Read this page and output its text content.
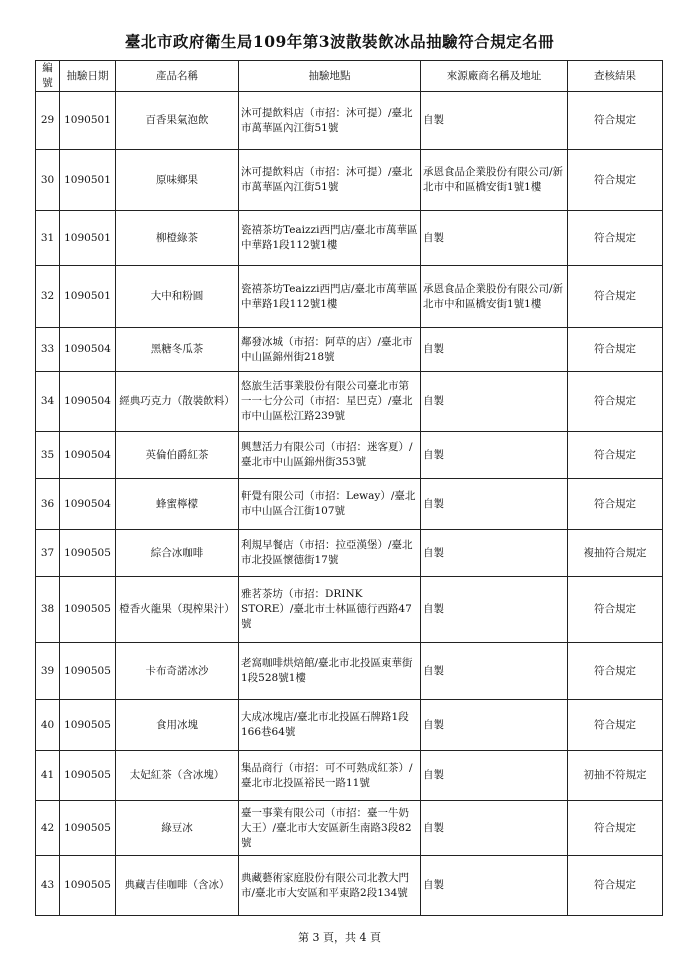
臺北市政府衛生局109年第3波散裝飲冰品抽驗符合規定名冊
編號	抽驗日期	產品名稱	抽驗地點	來源廠商名稱及地址	查核結果
29	1090501	百香果氣泡飲	沐可提飲料店（市招：沐可提）/臺北市萬華區內江街51號	自製	符合規定
30	1090501	原味鄉果	沐可提飲料店（市招：沐可提）/臺北市萬華區內江街51號	承恩食品企業股份有限公司/新北市中和區橋安街1號1樓	符合規定
31	1090501	柳橙綠茶	瓷禧茶坊Teaizzi西門店/臺北市萬華區中華路1段112號1樓	自製	符合規定
32	1090501	大中和粉圓	瓷禧茶坊Teaizzi西門店/臺北市萬華區中華路1段112號1樓	承恩食品企業股份有限公司/新北市中和區橋安街1號1樓	符合規定
33	1090504	黑糖冬瓜茶	鄰發冰城（市招：阿草的店）/臺北市中山區錦州街218號	自製	符合規定
34	1090504	經典巧克力（散裝飲料）	悠旅生活事業股份有限公司臺北市第一一七分公司（市招：星巴克）/臺北市中山區松江路239號	自製	符合規定
35	1090504	英倫伯爵紅茶	興慧活力有限公司（市招：迷客夏）/臺北市中山區錦州街353號	自製	符合規定
36	1090504	蜂蜜檸檬	軒覺有限公司（市招：Leway）/臺北市中山區合江街107號	自製	符合規定
37	1090505	綜合冰咖啡	利規早餐店（市招：拉亞漢堡）/臺北市北投區懷德街17號	自製	複抽符合規定
38	1090505	橙香火龍果（現榨果汁）	雅茗茶坊（市招：DRINK STORE）/臺北市士林區德行西路47號	自製	符合規定
39	1090505	卡布奇諾冰沙	老窩咖啡烘焙館/臺北市北投區東華街1段528號1樓	自製	符合規定
40	1090505	食用冰塊	大成冰塊店/臺北市北投區石牌路1段166巷64號	自製	符合規定
41	1090505	太妃紅茶（含冰塊）	集品商行（市招：可不可熟成紅茶）/臺北市北投區裕民一路11號	自製	初抽不符規定
42	1090505	綠豆冰	臺一事業有限公司（市招：臺一牛奶大王）/臺北市大安區新生南路3段82號	自製	符合規定
43	1090505	典藏吉佳咖啡（含冰）	典藏藝術家庭股份有限公司北教大門市/臺北市大安區和平東路2段134號	自製	符合規定
第 3 頁，共 4 頁
